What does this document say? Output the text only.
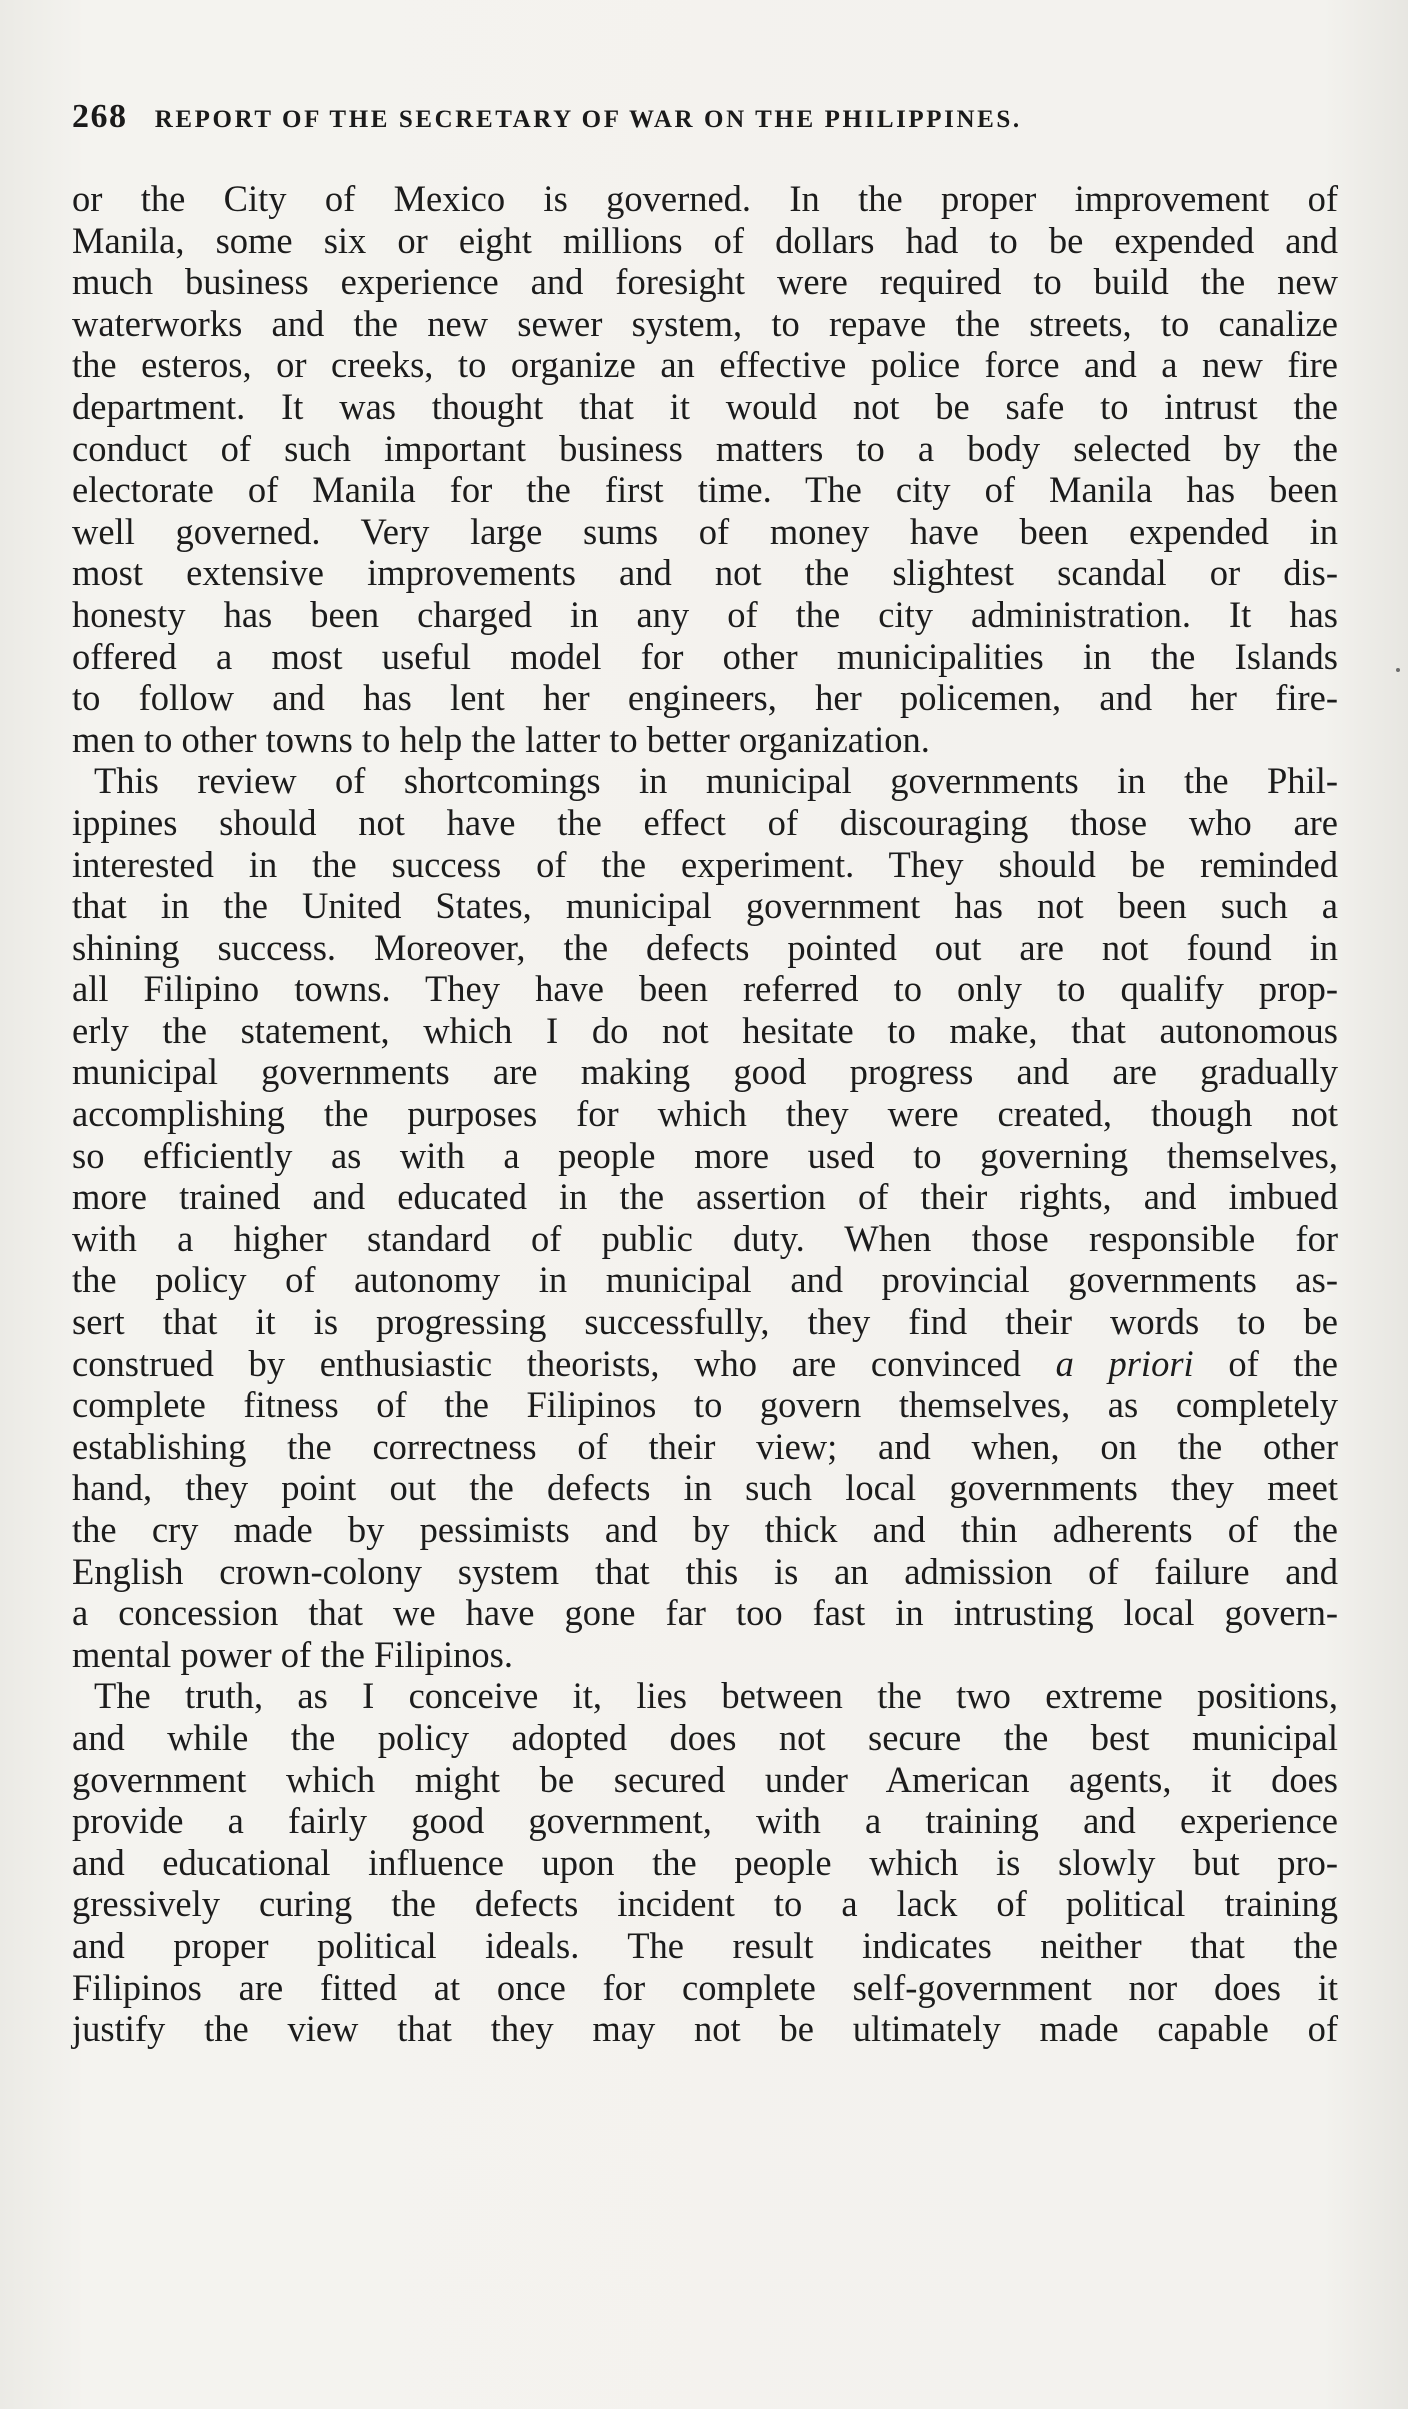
268 REPORT OF THE SECRETARY OF WAR ON THE PHILIPPINES.
or the City of Mexico is governed. In the proper improvement of
Manila, some six or eight millions of dollars had to be expended and
much business experience and foresight were required to build the new
waterworks and the new sewer system, to repave the streets, to canalize
the esteros, or creeks, to organize an effective police force and a new fire
department. It was thought that it would not be safe to intrust the
conduct of such important business matters to a body selected by the
electorate of Manila for the first time. The city of Manila has been
well governed. Very large sums of money have been expended in
most extensive improvements and not the slightest scandal or dis-
honesty has been charged in any of the city administration. It has
offered a most useful model for other municipalities in the Islands
to follow and has lent her engineers, her policemen, and her fire-
men to other towns to help the latter to better organization.
This review of shortcomings in municipal governments in the Phil-
ippines should not have the effect of discouraging those who are
interested in the success of the experiment. They should be reminded
that in the United States, municipal government has not been such a
shining success. Moreover, the defects pointed out are not found in
all Filipino towns. They have been referred to only to qualify prop-
erly the statement, which I do not hesitate to make, that autonomous
municipal governments are making good progress and are gradually
accomplishing the purposes for which they were created, though not
so efficiently as with a people more used to governing themselves,
more trained and educated in the assertion of their rights, and imbued
with a higher standard of public duty. When those responsible for
the policy of autonomy in municipal and provincial governments as-
sert that it is progressing successfully, they find their words to be
construed by enthusiastic theorists, who are convinced a priori of the
complete fitness of the Filipinos to govern themselves, as completely
establishing the correctness of their view; and when, on the other
hand, they point out the defects in such local governments they meet
the cry made by pessimists and by thick and thin adherents of the
English crown-colony system that this is an admission of failure and
a concession that we have gone far too fast in intrusting local govern-
mental power of the Filipinos.
The truth, as I conceive it, lies between the two extreme positions,
and while the policy adopted does not secure the best municipal
government which might be secured under American agents, it does
provide a fairly good government, with a training and experience
and educational influence upon the people which is slowly but pro-
gressively curing the defects incident to a lack of political training
and proper political ideals. The result indicates neither that the
Filipinos are fitted at once for complete self-government nor does it
justify the view that they may not be ultimately made capable of
